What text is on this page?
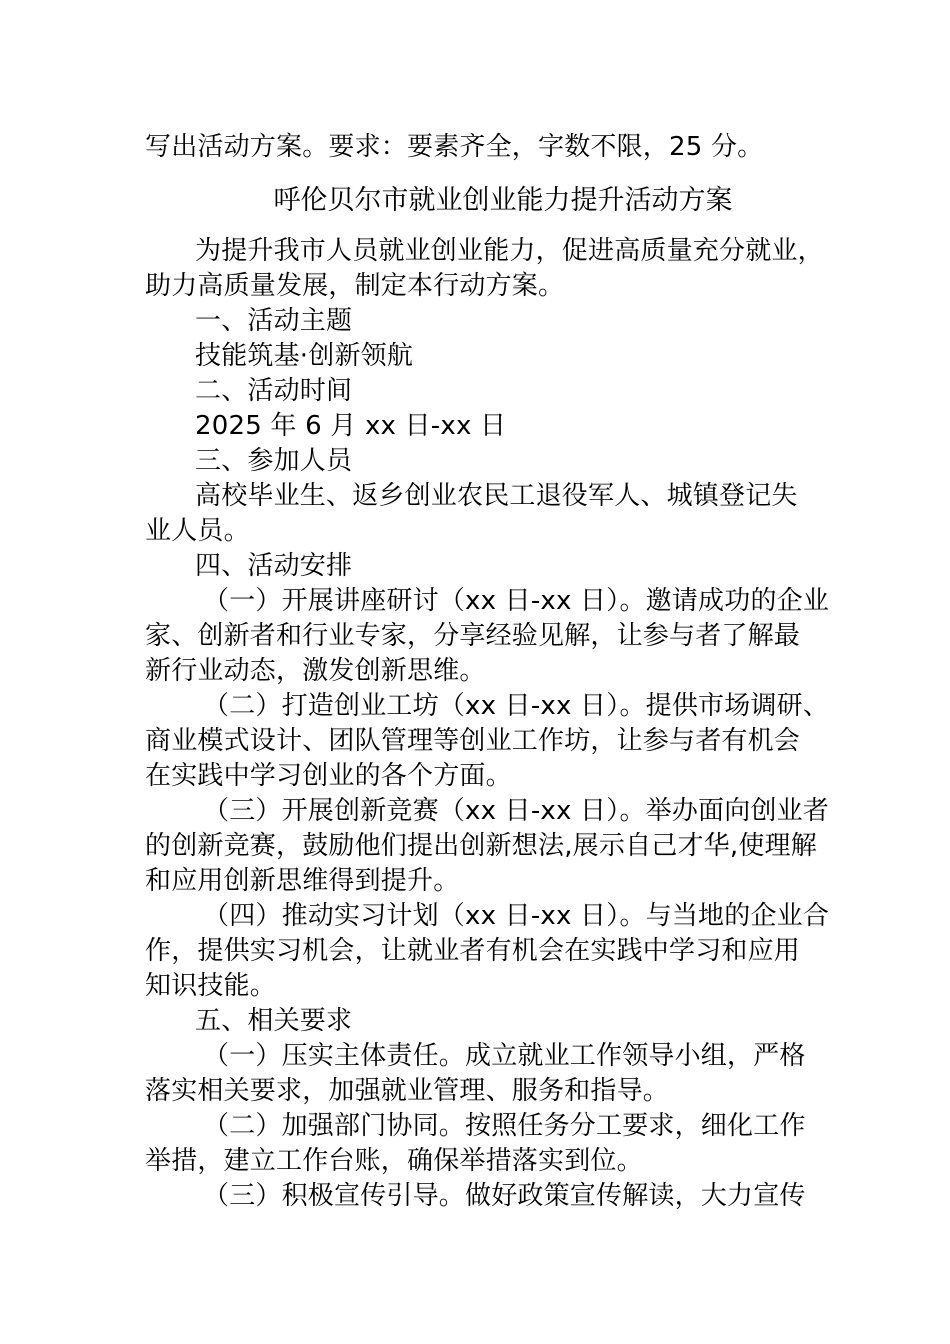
写出活动方案。要求：要素齐全，字数不限，25 分。
呼伦贝尔市就业创业能力提升活动方案
为提升我市人员就业创业能力，促进高质量充分就业，
助力高质量发展，制定本行动方案。
一、活动主题
技能筑基·创新领航
二、活动时间
2025 年 6 月 xx 日-xx 日
三、参加人员
高校毕业生、返乡创业农民工退役军人、城镇登记失
业人员。
四、活动安排
（一）开展讲座研讨（xx 日-xx 日）。邀请成功的企业
家、创新者和行业专家，分享经验见解，让参与者了解最
新行业动态，激发创新思维。
（二）打造创业工坊（xx 日-xx 日）。提供市场调研、
商业模式设计、团队管理等创业工作坊，让参与者有机会
在实践中学习创业的各个方面。
（三）开展创新竞赛（xx 日-xx 日）。举办面向创业者
的创新竞赛，鼓励他们提出创新想法,展示自己才华,使理解
和应用创新思维得到提升。
（四）推动实习计划（xx 日-xx 日）。与当地的企业合
作，提供实习机会，让就业者有机会在实践中学习和应用
知识技能。
五、相关要求
（一）压实主体责任。成立就业工作领导小组，严格
落实相关要求，加强就业管理、服务和指导。
（二）加强部门协同。按照任务分工要求，细化工作
举措，建立工作台账，确保举措落实到位。
（三）积极宣传引导。做好政策宣传解读，大力宣传
